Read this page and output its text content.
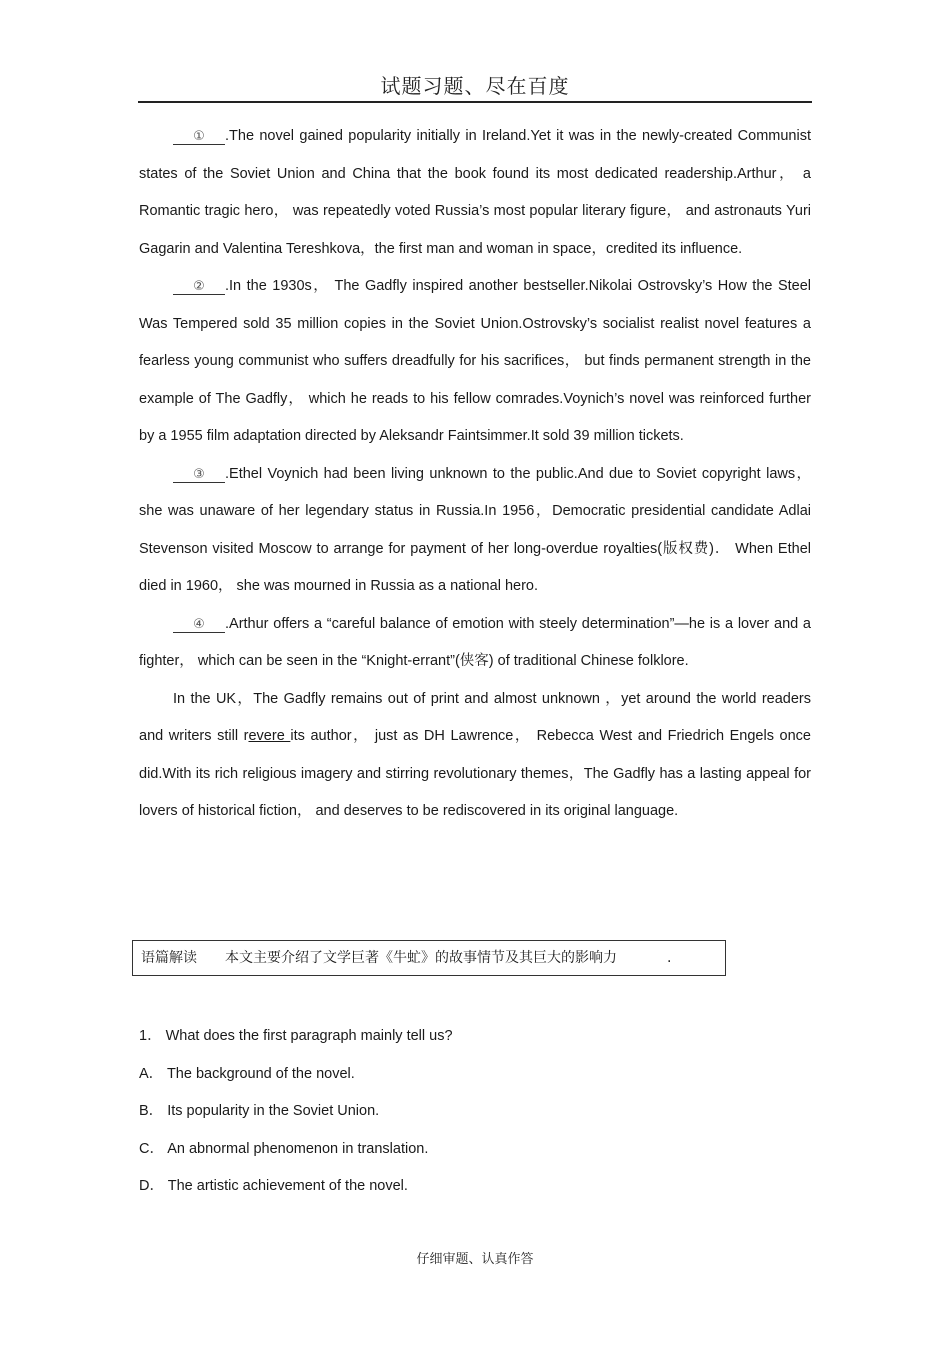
试题习题、尽在百度

① .The novel gained popularity initially in Ireland.Yet it was in the newly-created Communist states of the Soviet Union and China that the book found its most dedicated readership.Arthur， a Romantic tragic hero， was repeatedly voted Russia’s most popular literary figure， and astronauts Yuri Gagarin and Valentina Tereshkova，the first man and woman in space，credited its influence.

② .In the 1930s， The Gadfly inspired another bestseller.Nikolai Ostrovsky’s How the Steel Was Tempered sold 35 million copies in the Soviet Union.Ostrovsky’s socialist realist novel features a fearless young communist who suffers dreadfully for his sacrifices， but finds permanent strength in the example of The Gadfly， which he reads to his fellow comrades.Voynich’s novel was reinforced further by a 1955 film adaptation directed by Aleksandr Faintsimmer.It sold 39 million tickets.

③ .Ethel Voynich had been living unknown to the public.And due to Soviet copyright laws，she was unaware of her legendary status in Russia.In 1956，Democratic presidential candidate Adlai Stevenson visited Moscow to arrange for payment of her long-overdue royalties(版权费)． When Ethel died in 1960， she was mourned in Russia as a national hero.

④ .Arthur offers a “careful balance of emotion with steely determination”—he is a lover and a fighter， which can be seen in the “Knight-errant”(侠客) of traditional Chinese folklore.

In the UK，The Gadfly remains out of print and almost unknown ，yet around the world readers and writers still revere its author， just as DH Lawrence， Rebecca West and Friedrich Engels once did.With its rich religious imagery and stirring revolutionary themes，The Gadfly has a lasting appeal for lovers of historical fiction， and deserves to be rediscovered in its original language.

语篇解读 本文主要介绍了文学巨著《牛虻》的故事情节及其巨大的影响力	.

1． What does the first paragraph mainly tell us?

A． The background of the novel.

B． Its popularity in the Soviet Union.

C． An abnormal phenomenon in translation.

D． The artistic achievement of the novel.

仔细审题、认真作答
